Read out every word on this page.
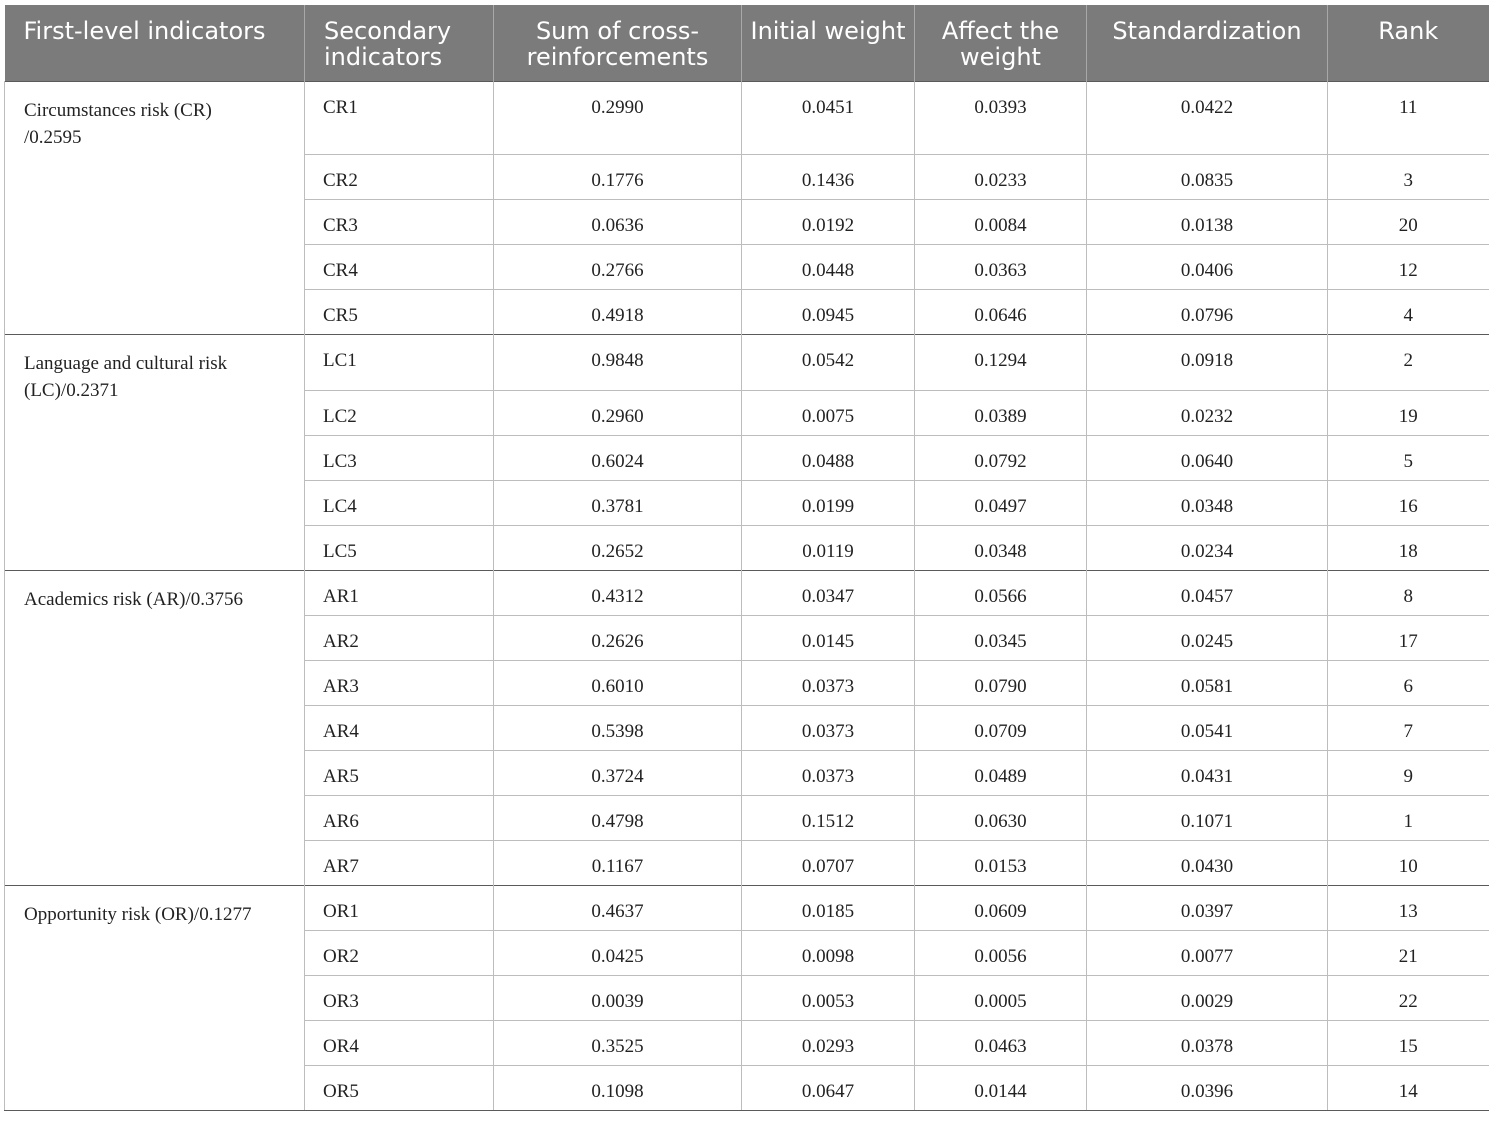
First-level indicators	Secondary indicators	Sum of cross-reinforcements	Initial weight	Affect the weight	Standardization	Rank
Circumstances risk (CR) /0.2595	CR1	0.2990	0.0451	0.0393	0.0422	11
	CR2	0.1776	0.1436	0.0233	0.0835	3
	CR3	0.0636	0.0192	0.0084	0.0138	20
	CR4	0.2766	0.0448	0.0363	0.0406	12
	CR5	0.4918	0.0945	0.0646	0.0796	4
Language and cultural risk (LC)/0.2371	LC1	0.9848	0.0542	0.1294	0.0918	2
	LC2	0.2960	0.0075	0.0389	0.0232	19
	LC3	0.6024	0.0488	0.0792	0.0640	5
	LC4	0.3781	0.0199	0.0497	0.0348	16
	LC5	0.2652	0.0119	0.0348	0.0234	18
Academics risk (AR)/0.3756	AR1	0.4312	0.0347	0.0566	0.0457	8
	AR2	0.2626	0.0145	0.0345	0.0245	17
	AR3	0.6010	0.0373	0.0790	0.0581	6
	AR4	0.5398	0.0373	0.0709	0.0541	7
	AR5	0.3724	0.0373	0.0489	0.0431	9
	AR6	0.4798	0.1512	0.0630	0.1071	1
	AR7	0.1167	0.0707	0.0153	0.0430	10
Opportunity risk (OR)/0.1277	OR1	0.4637	0.0185	0.0609	0.0397	13
	OR2	0.0425	0.0098	0.0056	0.0077	21
	OR3	0.0039	0.0053	0.0005	0.0029	22
	OR4	0.3525	0.0293	0.0463	0.0378	15
	OR5	0.1098	0.0647	0.0144	0.0396	14
